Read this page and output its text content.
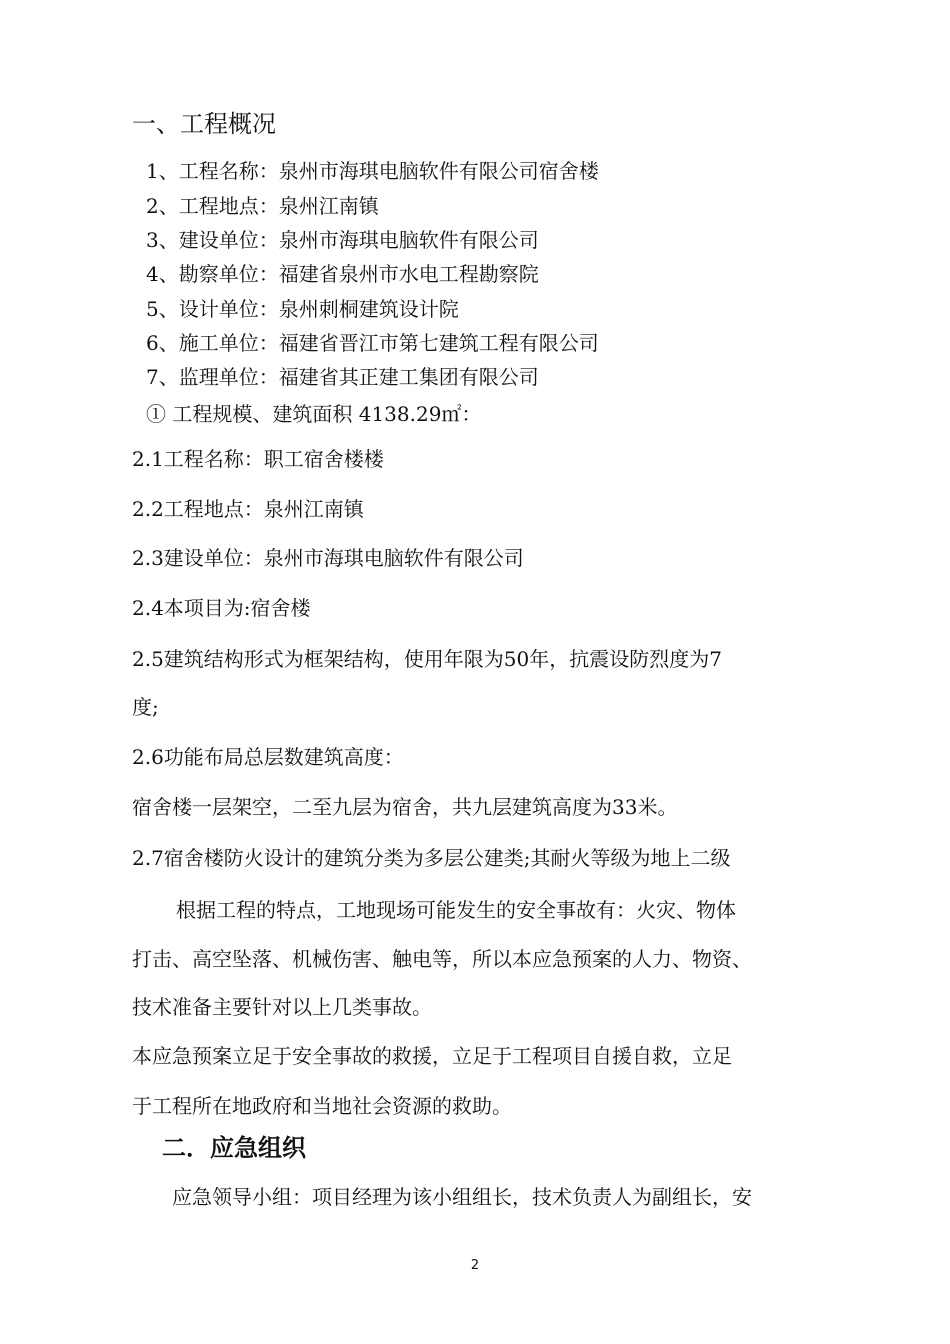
一、工程概况
1、工程名称：泉州市海琪电脑软件有限公司宿舍楼
2、工程地点：泉州江南镇
3、建设单位：泉州市海琪电脑软件有限公司
4、勘察单位：福建省泉州市水电工程勘察院
5、设计单位：泉州刺桐建筑设计院
6、施工单位：福建省晋江市第七建筑工程有限公司
7、监理单位：福建省其正建工集团有限公司
① 工程规模、建筑面积 4138.29㎡：
2.1工程名称：职工宿舍楼楼
2.2工程地点：泉州江南镇
2.3建设单位：泉州市海琪电脑软件有限公司
2.4本项目为:宿舍楼
2.5建筑结构形式为框架结构，使用年限为50年，抗震设防烈度为7
度;
2.6功能布局总层数建筑高度：
宿舍楼一层架空，二至九层为宿舍，共九层建筑高度为33米。
2.7宿舍楼防火设计的建筑分类为多层公建类;其耐火等级为地上二级
根据工程的特点，工地现场可能发生的安全事故有：火灾、物体
打击、高空坠落、机械伤害、触电等，所以本应急预案的人力、物资、
技术准备主要针对以上几类事故。
本应急预案立足于安全事故的救援，立足于工程项目自援自救，立足
于工程所在地政府和当地社会资源的救助。
二．应急组织
应急领导小组：项目经理为该小组组长，技术负责人为副组长，安
2
